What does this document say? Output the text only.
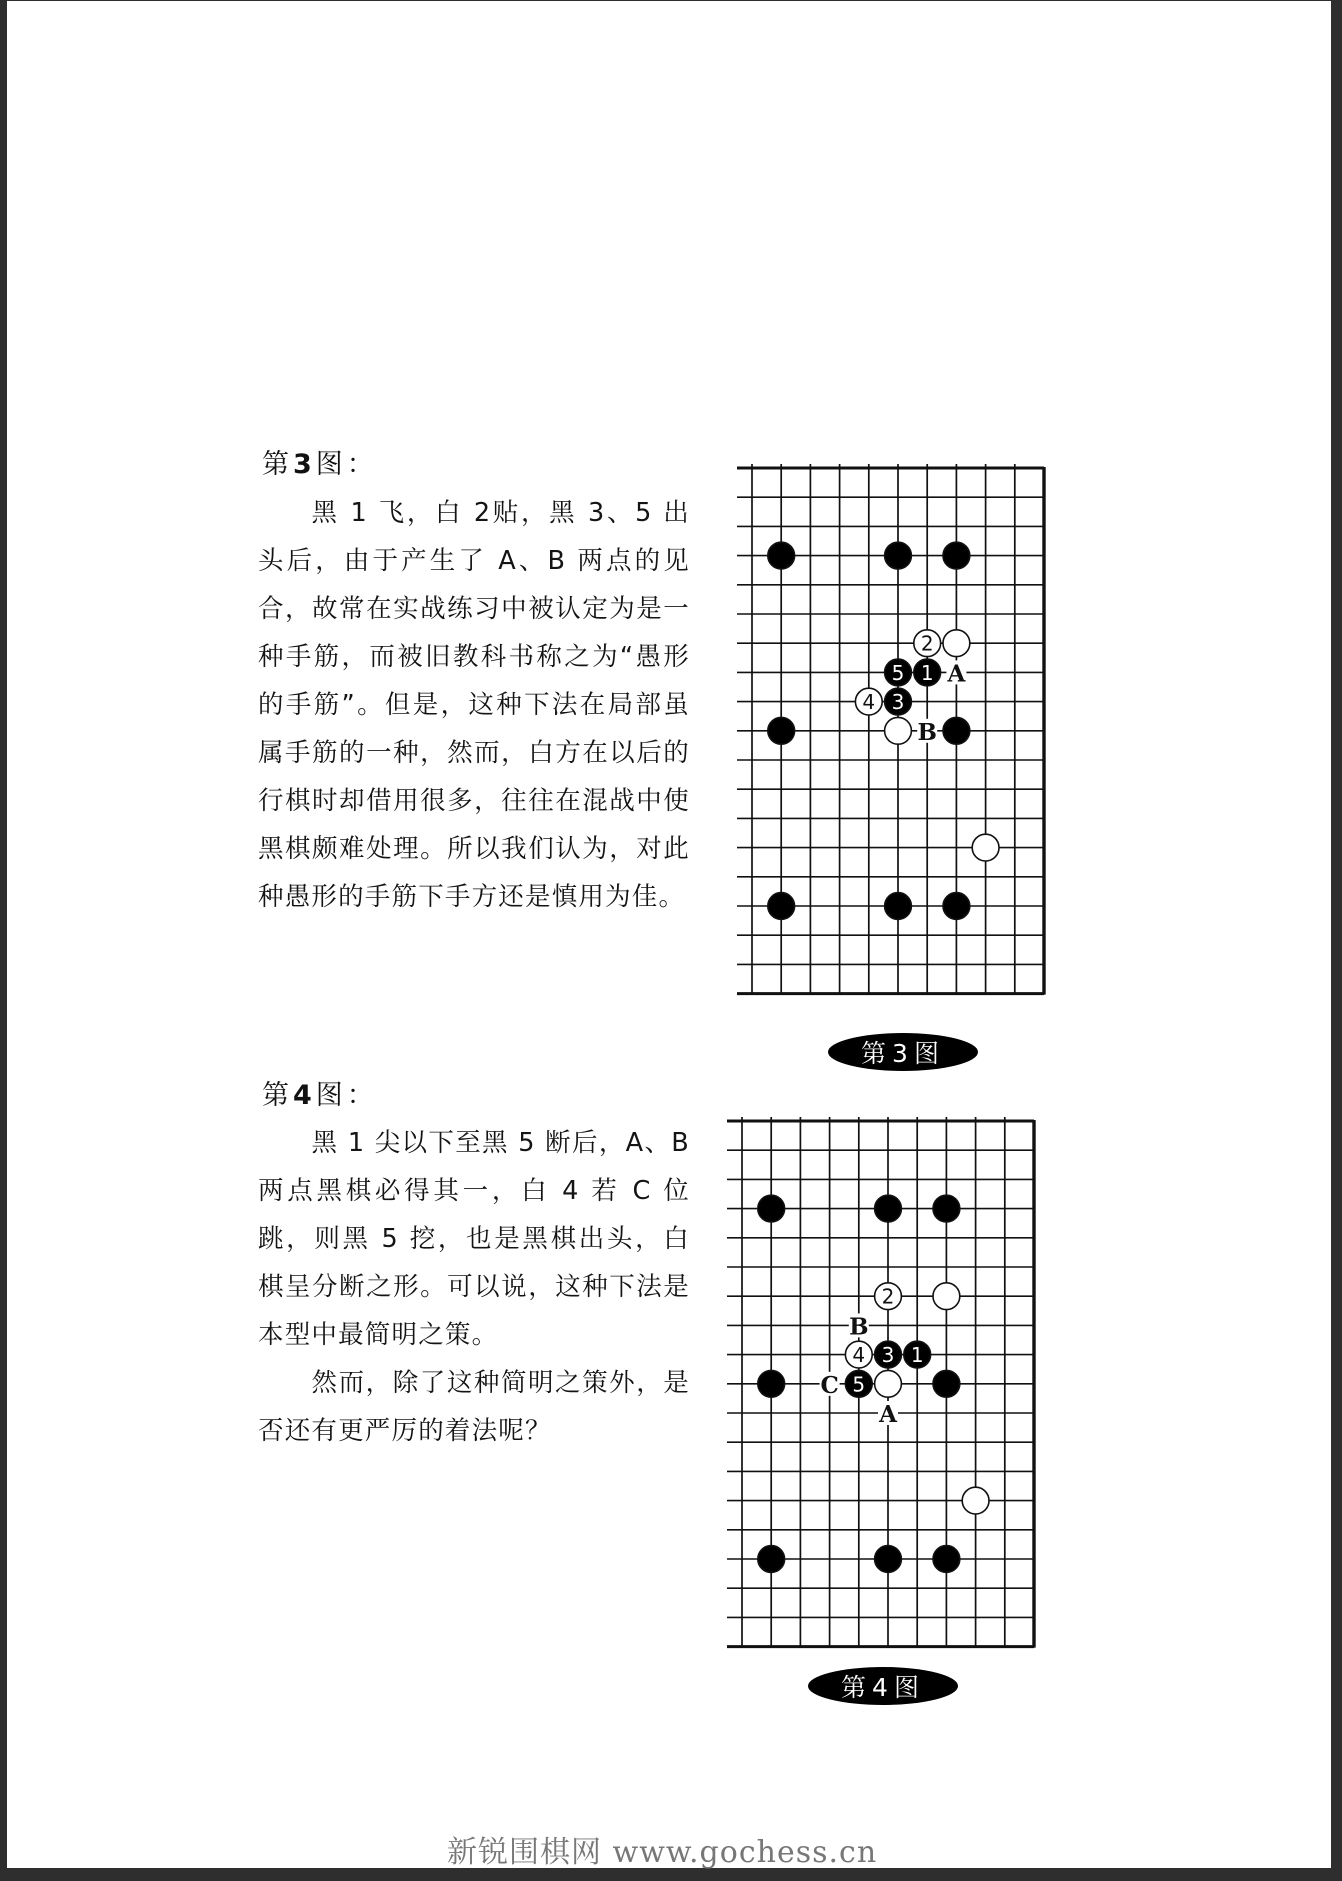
第3图：

黑 1 飞，白 2贴，黑 3、5 出头后，由于产生了 A、B 两点的见合，故常在实战练习中被认定为是一种手筋，而被旧教科书称之为“愚形的手筋”。但是，这种下法在局部虽属手筋的一种，然而，白方在以后的行棋时却借用很多，往往在混战中使黑棋颇难处理。所以我们认为，对此种愚形的手筋下手方还是慎用为佳。

A
B
2
5 1
4 3
第3图
第4图：

黑 1 尖以下至黑 5 断后，A、B 两点黑棋必得其一，白 4 若 C 位跳，则黑 5 挖，也是黑棋出头，白棋呈分断之形。可以说，这种下法是本型中最简明之策。

然而，除了这种简明之策外，是否还有更严厉的着法呢？

B
C
A
2
4 3 1
5
第4图
新锐围棋网 www.gochess.cn
